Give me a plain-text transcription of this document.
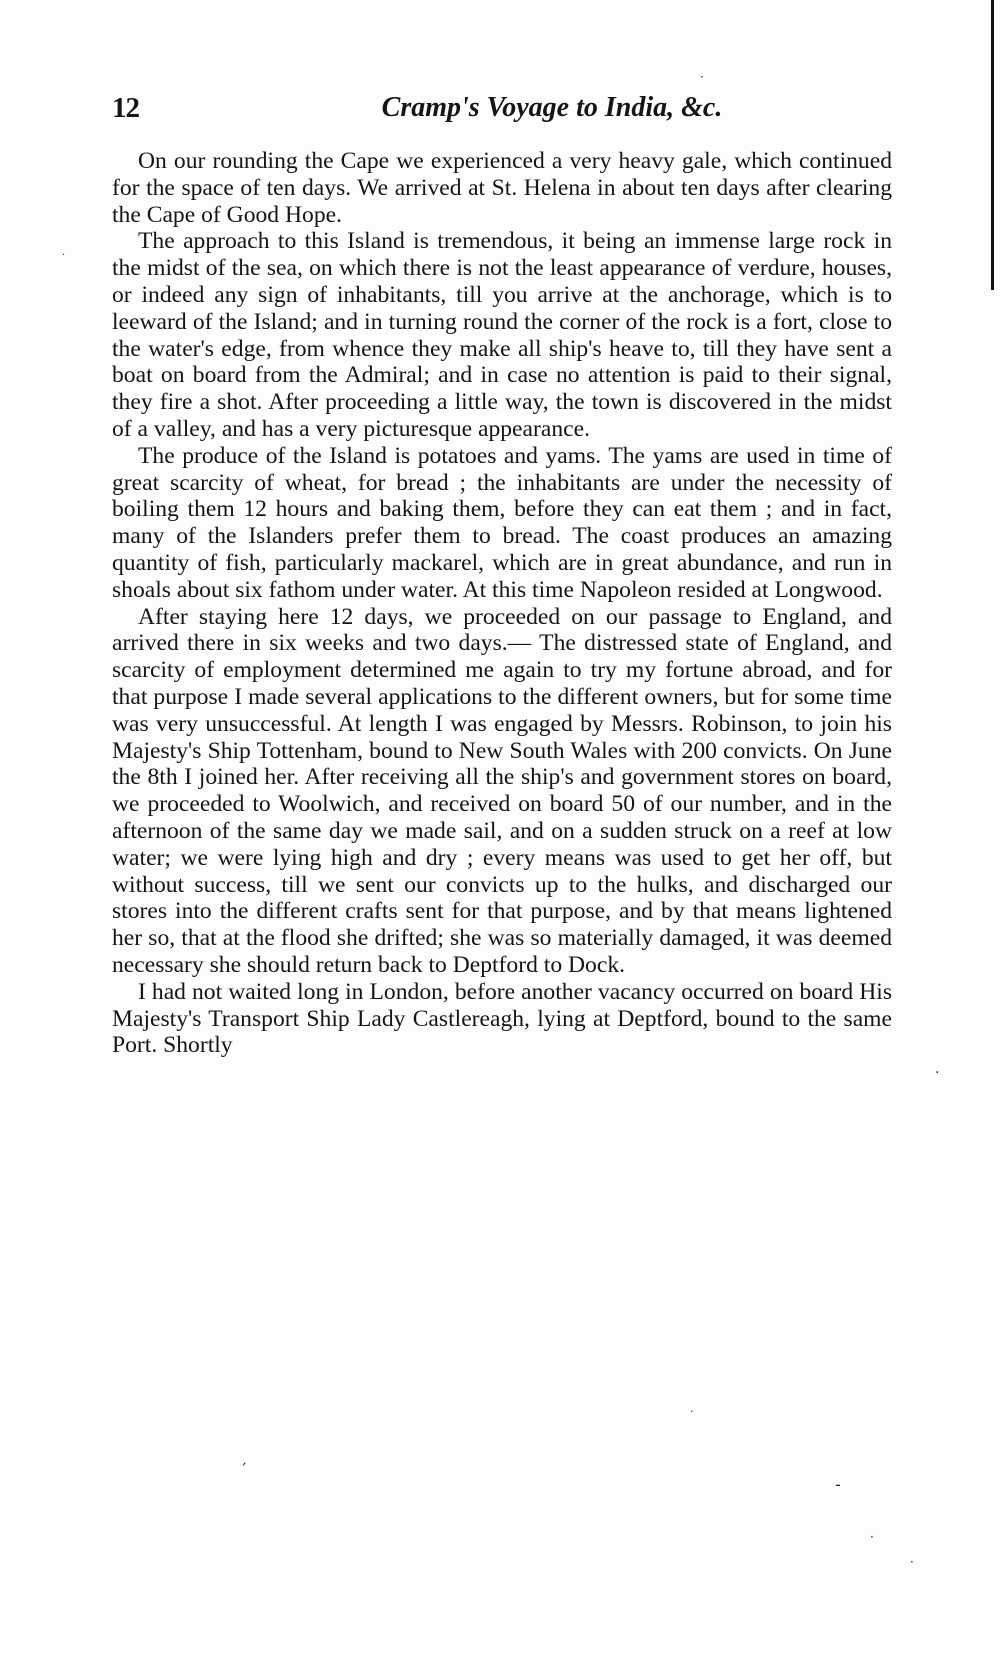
12	Cramp's Voyage to India, &c.

On our rounding the Cape we experienced a very heavy gale, which continued for the space of ten days. We arrived at St. Helena in about ten days after clearing the Cape of Good Hope.

The approach to this Island is tremendous, it being an immense large rock in the midst of the sea, on which there is not the least appearance of verdure, houses, or indeed any sign of inhabitants, till you arrive at the anchorage, which is to leeward of the Island; and in turning round the corner of the rock is a fort, close to the water's edge, from whence they make all ship's heave to, till they have sent a boat on board from the Admiral; and in case no attention is paid to their signal, they fire a shot. After proceeding a little way, the town is discovered in the midst of a valley, and has a very picturesque appearance.

The produce of the Island is potatoes and yams. The yams are used in time of great scarcity of wheat, for bread ; the inhabitants are under the necessity of boiling them 12 hours and baking them, before they can eat them ; and in fact, many of the Islanders prefer them to bread. The coast produces an amazing quantity of fish, particularly mackarel, which are in great abundance, and run in shoals about six fathom under water. At this time Napoleon resided at Longwood.

After staying here 12 days, we proceeded on our passage to England, and arrived there in six weeks and two days.— The distressed state of England, and scarcity of employment determined me again to try my fortune abroad, and for that purpose I made several applications to the different owners, but for some time was very unsuccessful. At length I was engaged by Messrs. Robinson, to join his Majesty's Ship Tottenham, bound to New South Wales with 200 convicts. On June the 8th I joined her. After receiving all the ship's and government stores on board, we proceeded to Woolwich, and received on board 50 of our number, and in the afternoon of the same day we made sail, and on a sudden struck on a reef at low water; we were lying high and dry ; every means was used to get her off, but without success, till we sent our convicts up to the hulks, and discharged our stores into the different crafts sent for that purpose, and by that means lightened her so, that at the flood she drifted; she was so materially damaged, it was deemed necessary she should return back to Deptford to Dock.

I had not waited long in London, before another vacancy occurred on board His Majesty's Transport Ship Lady Castlereagh, lying at Deptford, bound to the same Port. Shortly

·
·
·
ˏ
·
-
·
·
